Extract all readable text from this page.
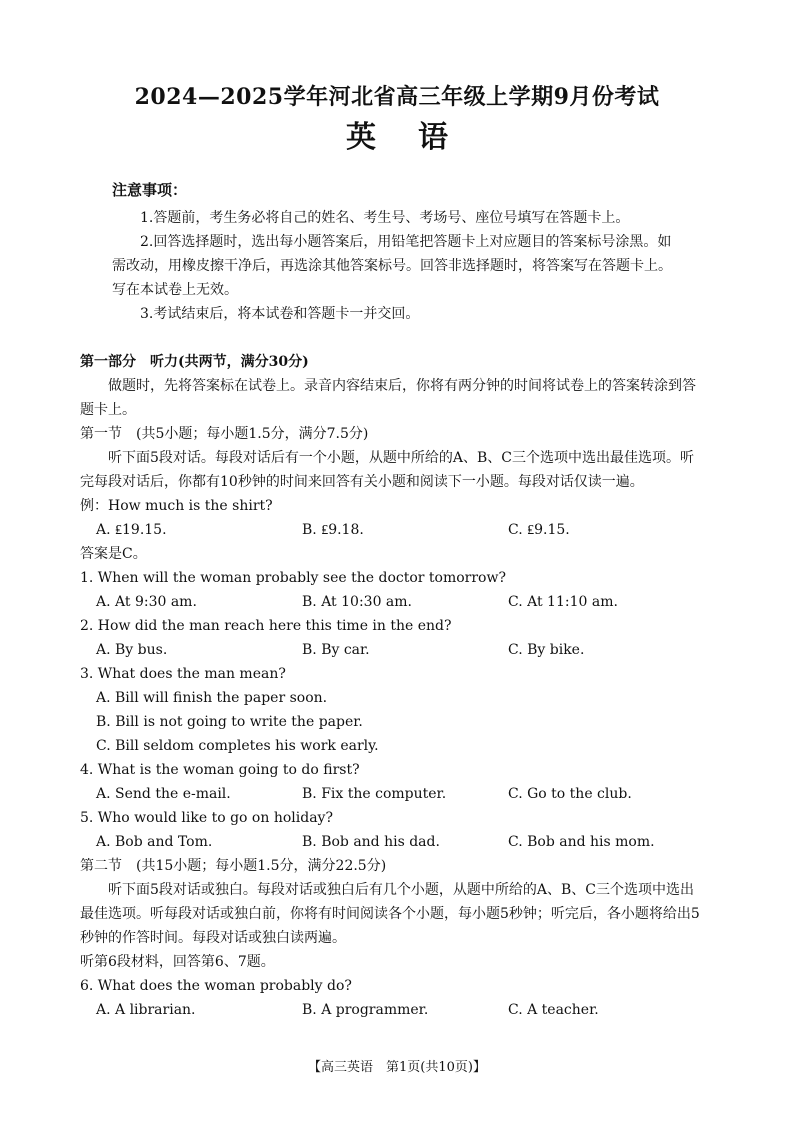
2024—2025学年河北省高三年级上学期9月份考试
英语
注意事项：

1.答题前，考生务必将自己的姓名、考生号、考场号、座位号填写在答题卡上。

2.回答选择题时，选出每小题答案后，用铅笔把答题卡上对应题目的答案标号涂黑。如需改动，用橡皮擦干净后，再选涂其他答案标号。回答非选择题时，将答案写在答题卡上。写在本试卷上无效。

3.考试结束后，将本试卷和答题卡一并交回。

第一部分　听力(共两节，满分30分)

做题时，先将答案标在试卷上。录音内容结束后，你将有两分钟的时间将试卷上的答案转涂到答题卡上。

第一节　(共5小题；每小题1.5分，满分7.5分)

听下面5段对话。每段对话后有一个小题，从题中所给的A、B、C三个选项中选出最佳选项。听完每段对话后，你都有10秒钟的时间来回答有关小题和阅读下一小题。每段对话仅读一遍。

例：How much is the shirt?

A. ₤19.15.	B. ₤9.18.	C. ₤9.15.

答案是C。

1. When will the woman probably see the doctor tomorrow?

A. At 9:30 am.	B. At 10:30 am.	C. At 11:10 am.

2. How did the man reach here this time in the end?

A. By bus.	B. By car.	C. By bike.

3. What does the man mean?

A. Bill will finish the paper soon.

B. Bill is not going to write the paper.

C. Bill seldom completes his work early.

4. What is the woman going to do first?

A. Send the e-mail.	B. Fix the computer.	C. Go to the club.

5. Who would like to go on holiday?

A. Bob and Tom.	B. Bob and his dad.	C. Bob and his mom.

第二节　(共15小题；每小题1.5分，满分22.5分)

听下面5段对话或独白。每段对话或独白后有几个小题，从题中所给的A、B、C三个选项中选出最佳选项。听每段对话或独白前，你将有时间阅读各个小题，每小题5秒钟；听完后，各小题将给出5秒钟的作答时间。每段对话或独白读两遍。

听第6段材料，回答第6、7题。

6. What does the woman probably do?

A. A librarian.	B. A programmer.	C. A teacher.
【高三英语　第1页(共10页)】
